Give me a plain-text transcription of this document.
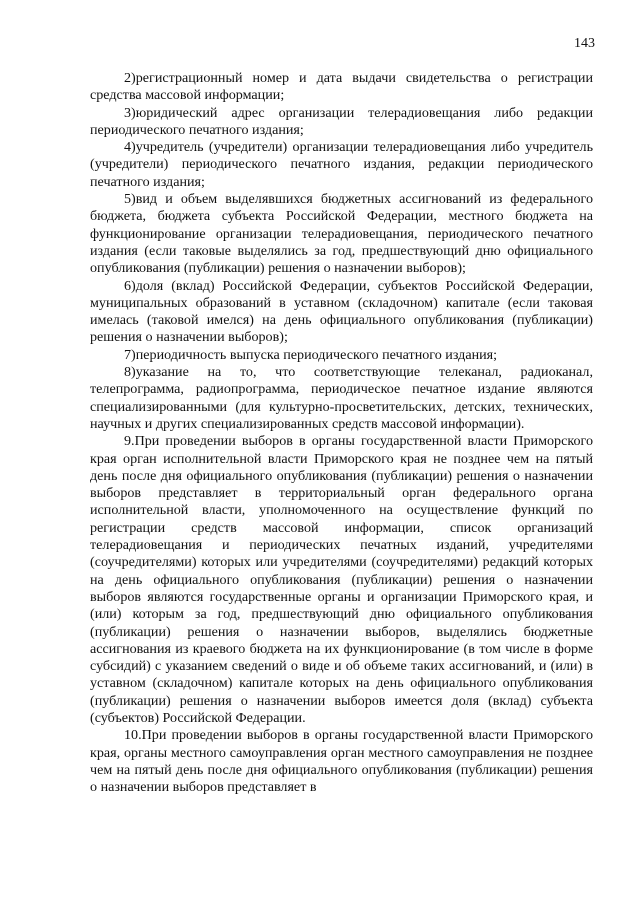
143

2)регистрационный номер и дата выдачи свидетельства о регистрации средства массовой информации;

3)юридический адрес организации телерадиовещания либо редакции периодического печатного издания;

4)учредитель (учредители) организации телерадиовещания либо учредитель (учредители) периодического печатного издания, редакции периодического печатного издания;

5)вид и объем выделявшихся бюджетных ассигнований из федерального бюджета, бюджета субъекта Российской Федерации, местного бюджета на функционирование организации телерадиовещания, периодического печатного издания (если таковые выделялись за год, предшествующий дню официального опубликования (публикации) решения о назначении выборов);

6)доля (вклад) Российской Федерации, субъектов Российской Федерации, муниципальных образований в уставном (складочном) капитале (если таковая имелась (таковой имелся) на день официального опубликования (публикации) решения о назначении выборов);

7)периодичность выпуска периодического печатного издания;

8)указание на то, что соответствующие телеканал, радиоканал, телепрограмма, радиопрограмма, периодическое печатное издание являются специализированными (для культурно-просветительских, детских, технических, научных и других специализированных средств массовой информации).

9.При проведении выборов в органы государственной власти Приморского края орган исполнительной власти Приморского края не позднее чем на пятый день после дня официального опубликования (публикации) решения о назначении выборов представляет в территориальный орган федерального органа исполнительной власти, уполномоченного на осуществление функций по регистрации средств массовой информации, список организаций телерадиовещания и периодических печатных изданий, учредителями (соучредителями) которых или учредителями (соучредителями) редакций которых на день официального опубликования (публикации) решения о назначении выборов являются государственные органы и организации Приморского края, и (или) которым за год, предшествующий дню официального опубликования (публикации) решения о назначении выборов, выделялись бюджетные ассигнования из краевого бюджета на их функционирование (в том числе в форме субсидий) с указанием сведений о виде и об объеме таких ассигнований, и (или) в уставном (складочном) капитале которых на день официального опубликования (публикации) решения о назначении выборов имеется доля (вклад) субъекта (субъектов) Российской Федерации.

10.При проведении выборов в органы государственной власти Приморского края, органы местного самоуправления орган местного самоуправления не позднее чем на пятый день после дня официального опубликования (публикации) решения о назначении выборов представляет в
